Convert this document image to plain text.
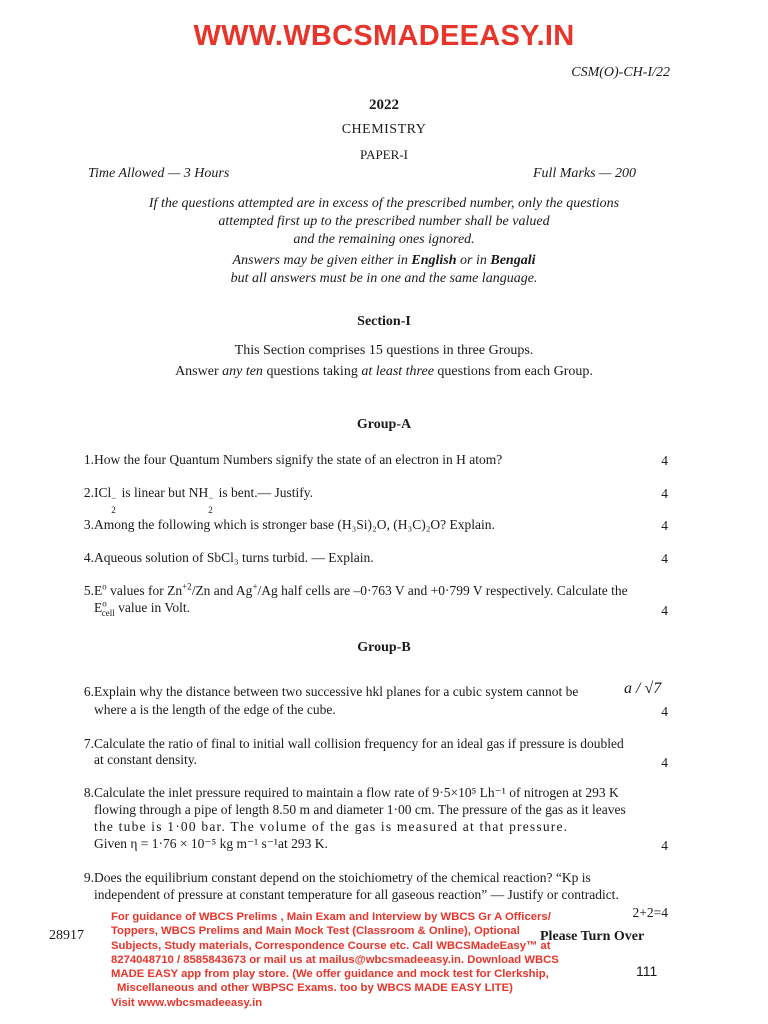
WWW.WBCSMADEEASY.IN
CSM(O)-CH-I/22
2022
CHEMISTRY
PAPER-I
Time Allowed — 3 Hours	Full Marks — 200
If the questions attempted are in excess of the prescribed number, only the questions
attempted first up to the prescribed number shall be valued
and the remaining ones ignored.
Answers may be given either in English or in Bengali
but all answers must be in one and the same language.
Section-I
This Section comprises 15 questions in three Groups.
Answer any ten questions taking at least three questions from each Group.
Group-A
1. How the four Quantum Numbers signify the state of an electron in H atom?	4
2. ICl −
2
is linear but NH −
2
is bent.— Justify.	4
3. Among the following which is stronger base (H₃Si)₂O, (H₃C)₂O? Explain.	4
4. Aqueous solution of SbCl₃ turns turbid. — Explain.	4
5. $E^o$ values for $Zn^{+2}/Zn$ and Ag+/Ag half cells are –0·763 V and +0·799 V respectively. Calculate the
$E^o_{cell}$ value in Volt.	4
Group-B
6. Explain why the distance between two successive hkl planes for a cubic system cannot be	a / √7
where a is the length of the edge of the cube.	4
7. Calculate the ratio of final to initial wall collision frequency for an ideal gas if pressure is doubled
at constant density.	4
8. Calculate the inlet pressure required to maintain a flow rate of 9·5×10⁵ Lh⁻¹ of nitrogen at 293 K
flowing through a pipe of length 8.50 m and diameter 1·00 cm. The pressure of the gas as it leaves
the tube is 1·00 bar. The volume of the gas is measured at that pressure.
Given η = 1·76 × 10⁻⁵ kg m⁻¹ s⁻¹at 293 K.	4
9. Does the equilibrium constant depend on the stoichiometry of the chemical reaction? “Kp is
independent of pressure at constant temperature for all gaseous reaction” — Justify or contradict.
2+2=4
28917
For guidance of WBCS Prelims , Main Exam and Interview by WBCS Gr A Officers/
Toppers, WBCS Prelims and Main Mock Test (Classroom & Online), Optional
Subjects, Study materials, Correspondence Course etc. Call WBCSMadeEasy™ at
8274048710 / 8585843673 or mail us at mailus@wbcsmadeeasy.in. Download WBCS
MADE EASY app from play store. (We offer guidance and mock test for Clerkship,
Miscellaneous and other WBPSC Exams. too by WBCS MADE EASY LITE)
Visit www.wbcsmadeeasy.in
Please Turn Over
111
